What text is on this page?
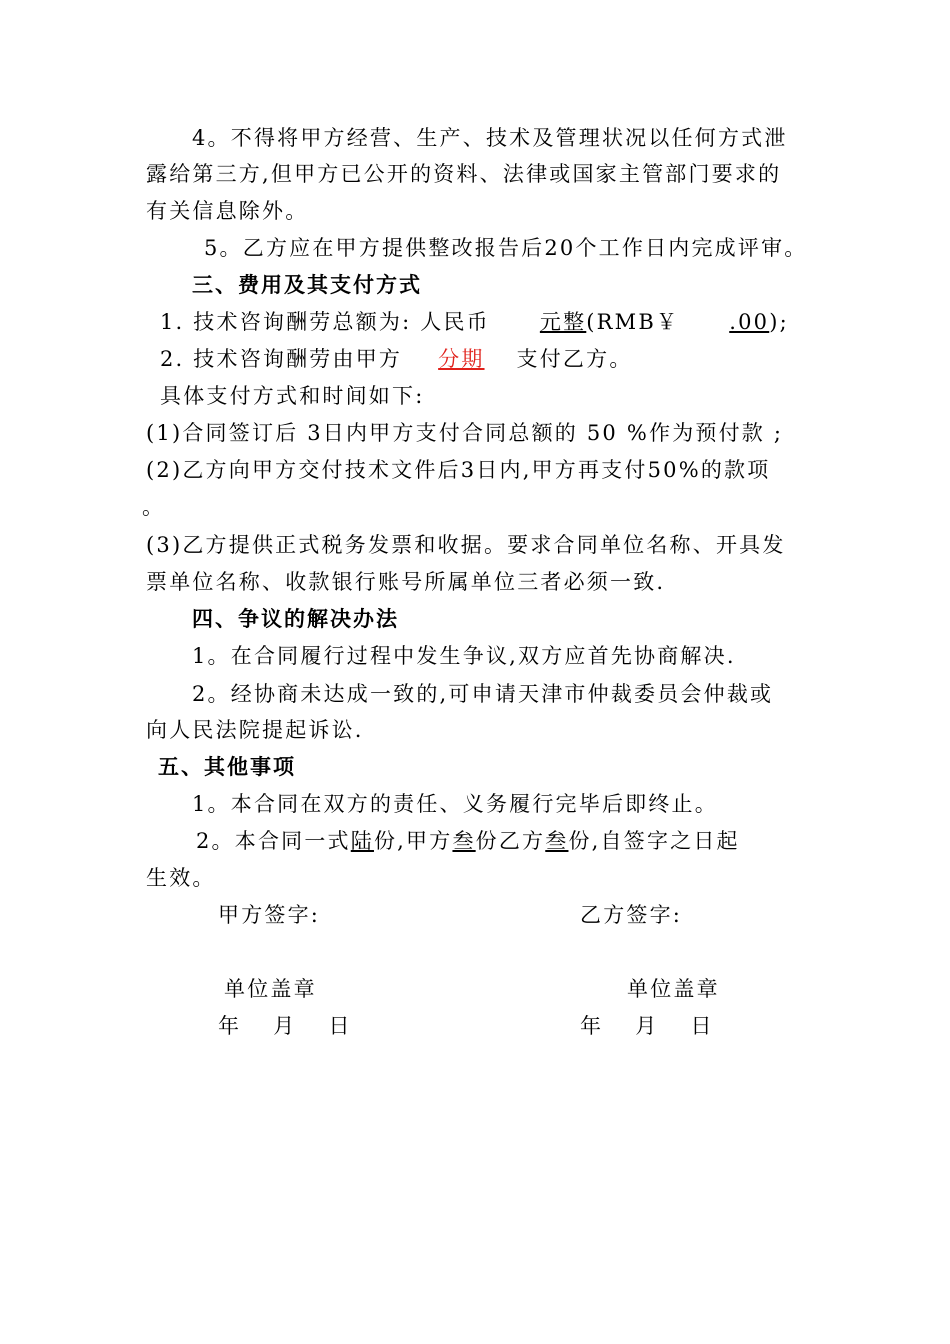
4。不得将甲方经营、生产、技术及管理状况以任何方式泄
露给第三方,但甲方已公开的资料、法律或国家主管部门要求的
有关信息除外。
5。乙方应在甲方提供整改报告后20个工作日内完成评审。
三、费用及其支付方式
1. 技术咨询酬劳总额为: 人民币 元整(RMB￥ .00);
2. 技术咨询酬劳由甲方 分期 支付乙方。
具体支付方式和时间如下:
(1)合同签订后 3日内甲方支付合同总额的 50 %作为预付款 ;
(2)乙方向甲方交付技术文件后3日内,甲方再支付50%的款项
。
(3)乙方提供正式税务发票和收据。要求合同单位名称、开具发
票单位名称、收款银行账号所属单位三者必须一致.
四、争议的解决办法
1。在合同履行过程中发生争议,双方应首先协商解决.
2。经协商未达成一致的,可申请天津市仲裁委员会仲裁或
向人民法院提起诉讼.
五、其他事项
1。本合同在双方的责任、义务履行完毕后即终止。
2。本合同一式陆份,甲方叁份乙方叁份,自签字之日起
生效。
甲方签字:	乙方签字:
单位盖章	单位盖章
年　 月　 日	年　 月　 日
